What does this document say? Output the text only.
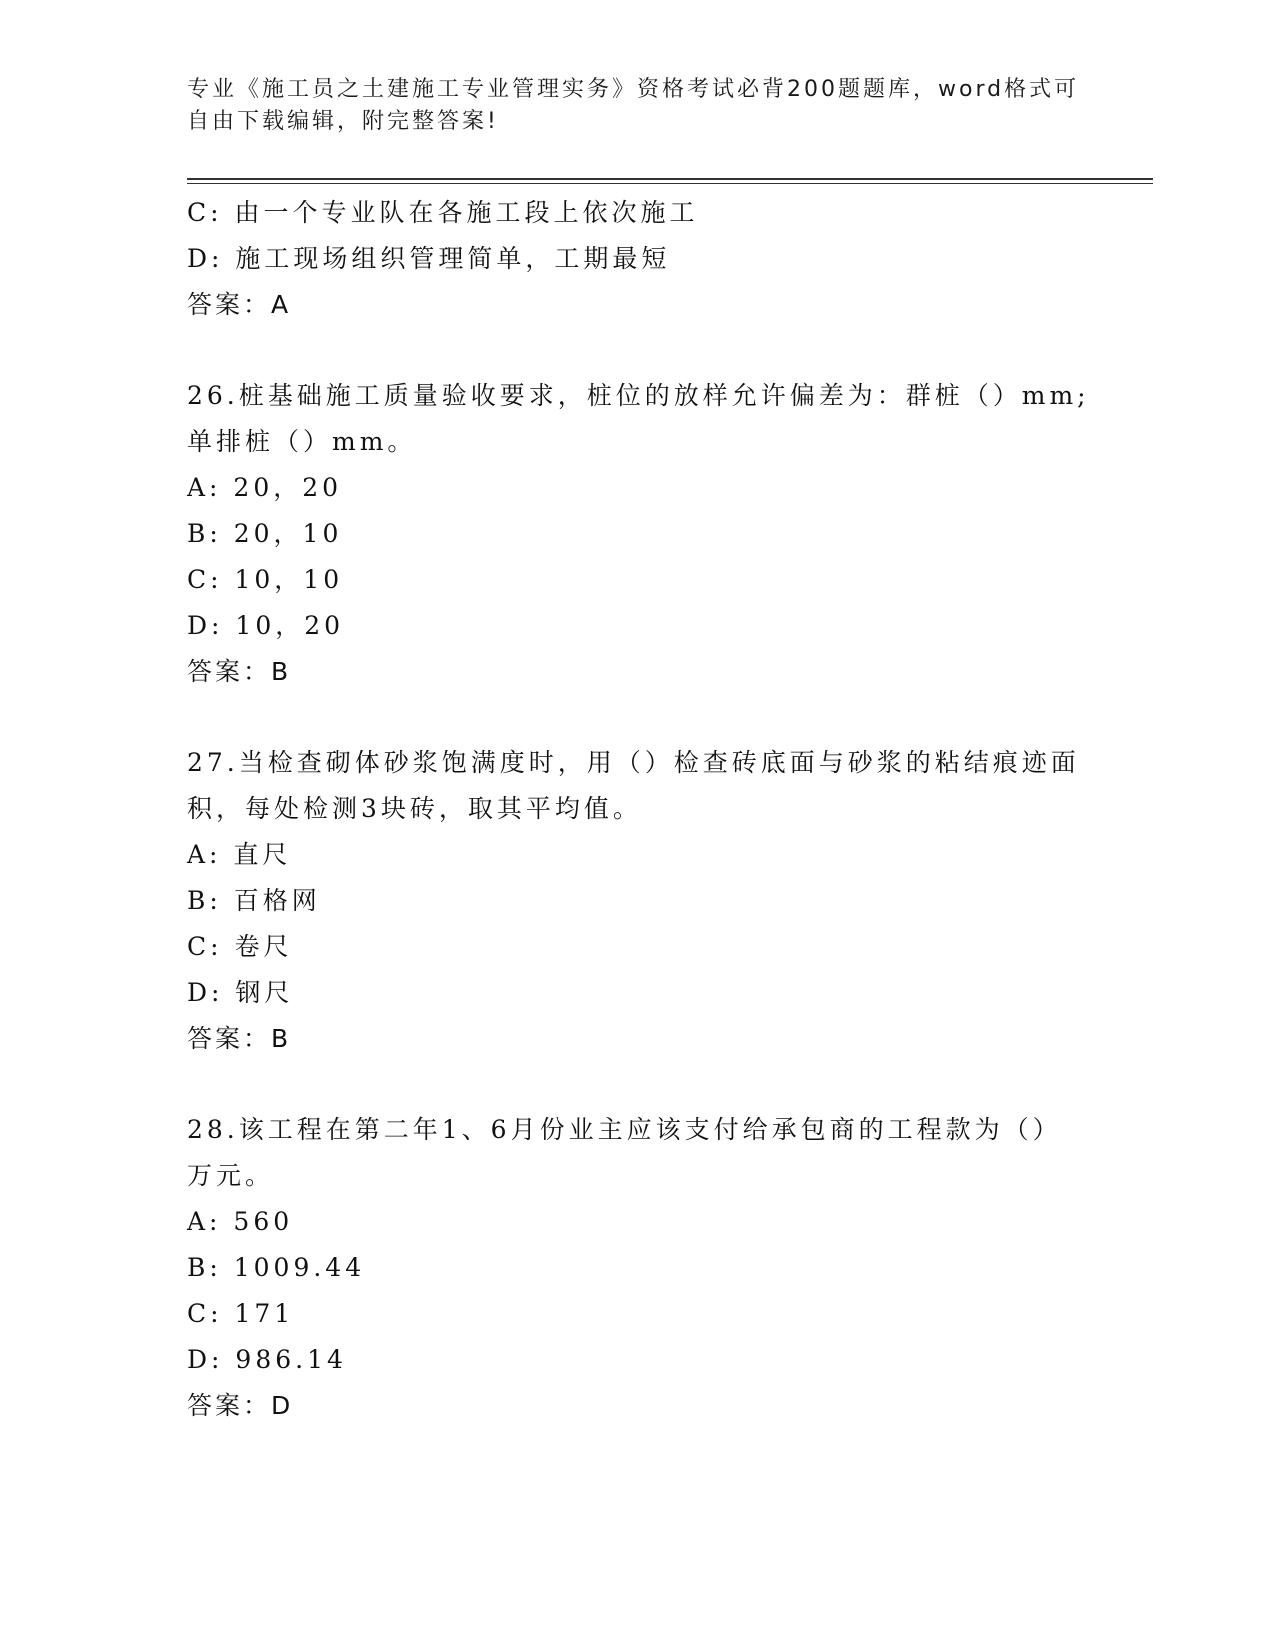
专业《施工员之土建施工专业管理实务》资格考试必背200题题库，word格式可
自由下载编辑，附完整答案!
C: 由一个专业队在各施工段上依次施工
D: 施工现场组织管理简单，工期最短
答案：A
26.桩基础施工质量验收要求，桩位的放样允许偏差为：群桩（）mm;
单排桩（）mm。
A: 20，20
B: 20，10
C: 10，10
D: 10，20
答案：B
27.当检查砌体砂浆饱满度时，用（）检查砖底面与砂浆的粘结痕迹面
积，每处检测3块砖，取其平均值。
A: 直尺
B: 百格网
C: 卷尺
D: 钢尺
答案：B
28.该工程在第二年1、6月份业主应该支付给承包商的工程款为（）
万元。
A: 560
B: 1009.44
C: 171
D: 986.14
答案：D
